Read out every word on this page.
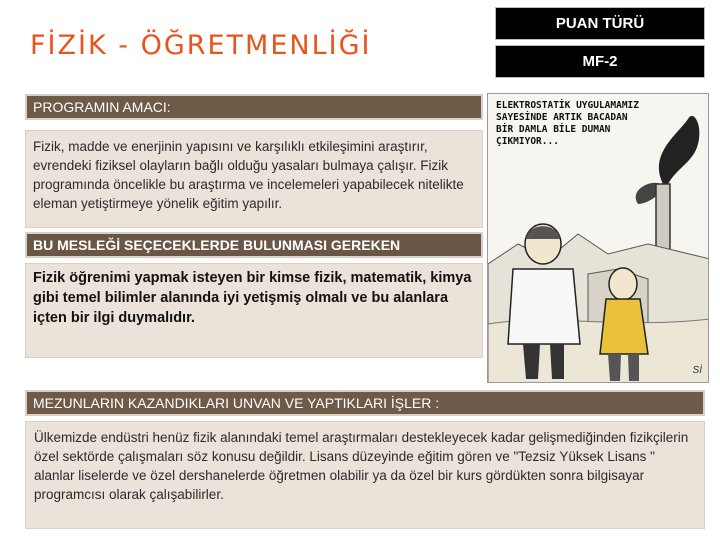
FİZİK - ÖĞRETMENLİĞİ
PUAN TÜRÜ
MF-2
PROGRAMIN AMACI:
Fizik, madde ve enerjinin yapısını ve karşılıklı etkileşimini araştırır, evrendeki fiziksel olayların bağlı olduğu yasaları bulmaya çalışır. Fizik programında öncelikle bu araştırma ve incelemeleri yapabilecek nitelikte eleman yetiştirmeye yönelik eğitim yapılır.
BU MESLEĞİ SEÇECEKLERDE BULUNMASI GEREKEN
Fizik öğrenimi yapmak isteyen bir kimse fizik, matematik, kimya gibi temel bilimler alanında iyi yetişmiş olmalı ve bu alanlara içten bir ilgi duymalıdır.
ELEKTROSTATİK UYGULAMAMIZ SAYESİNDE ARTIK BACADAN BİR DAMLA BİLE DUMAN ÇIKMIYOR...
Sİ
MEZUNLARIN KAZANDIKLARI UNVAN VE YAPTIKLARI İŞLER :
Ülkemizde endüstri henüz fizik alanındaki temel araştırmaları destekleyecek kadar gelişmediğinden fizikçilerin özel sektörde çalışmaları söz konusu değildir. Lisans düzeyinde eğitim gören ve "Tezsiz Yüksek Lisans " alanlar liselerde ve özel dershanelerde öğretmen olabilir ya da özel bir kurs gördükten sonra bilgisayar programcısı olarak çalışabilirler.
